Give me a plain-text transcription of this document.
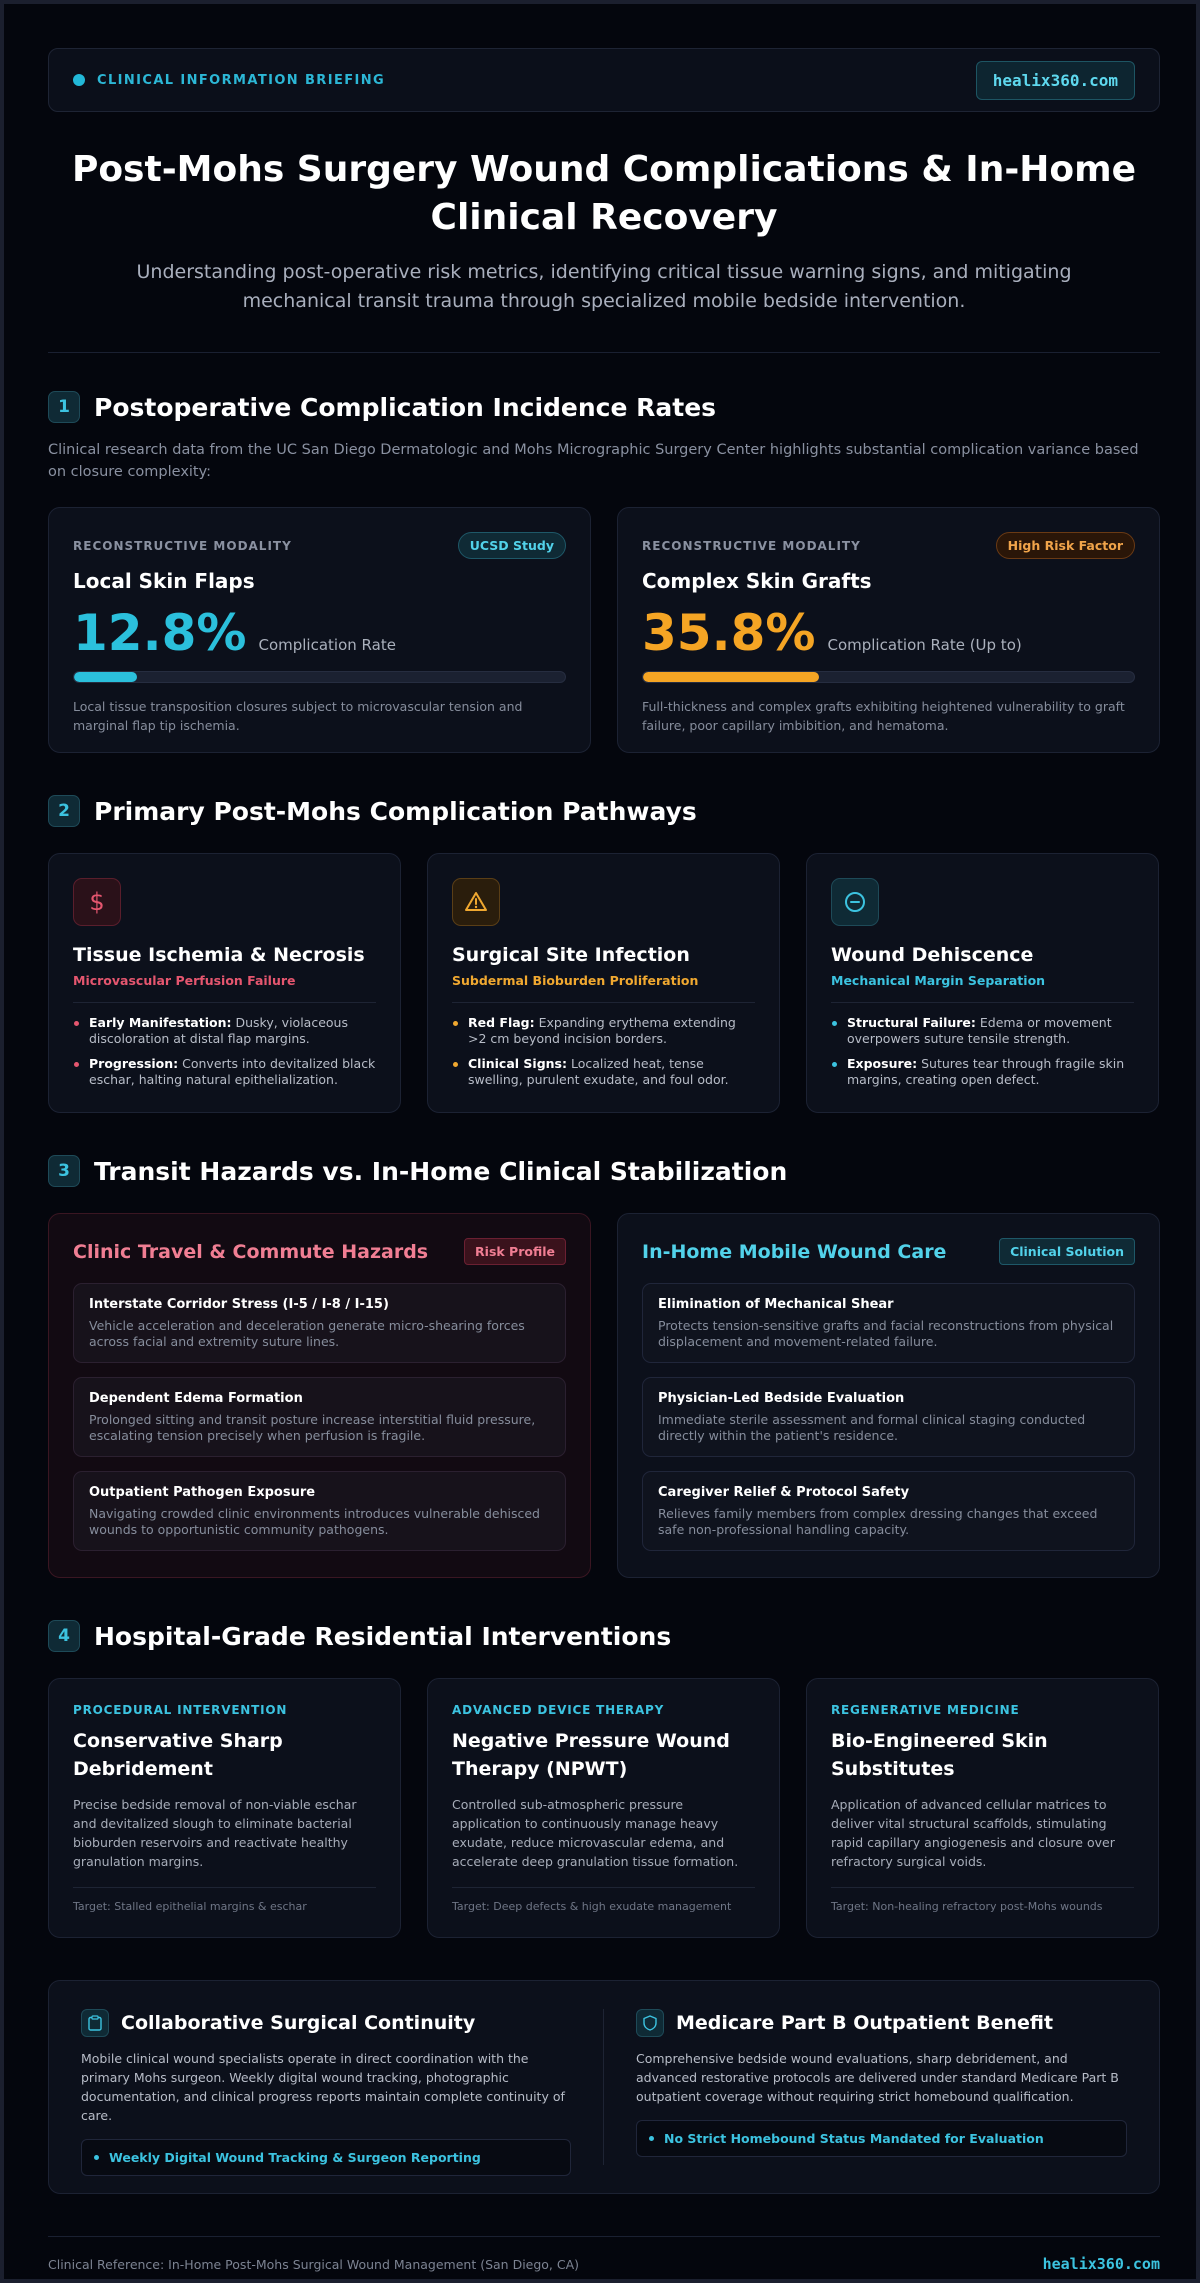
CLINICAL INFORMATION BRIEFING	healix360.com
Post-Mohs Surgery Wound Complications & In-Home Clinical Recovery

Understanding post-operative risk metrics, identifying critical tissue warning signs, and mitigating mechanical transit trauma through specialized mobile bedside intervention.

1 Postoperative Complication Incidence Rates

Clinical research data from the UC San Diego Dermatologic and Mohs Micrographic Surgery Center highlights substantial complication variance based on closure complexity:

RECONSTRUCTIVE MODALITY	UCSD Study
Local Skin Flaps
12.8% Complication Rate

Local tissue transposition closures subject to microvascular tension and marginal flap tip ischemia.

RECONSTRUCTIVE MODALITY	High Risk Factor
Complex Skin Grafts
35.8% Complication Rate (Up to)

Full-thickness and complex grafts exhibiting heightened vulnerability to graft failure, poor capillary imbibition, and hematoma.

2 Primary Post-Mohs Complication Pathways
$
Tissue Ischemia & Necrosis
Microvascular Perfusion Failure
Early Manifestation: Dusky, violaceous discoloration at distal flap margins.
Progression: Converts into devitalized black eschar, halting natural epithelialization.
Surgical Site Infection
Subdermal Bioburden Proliferation
Red Flag: Expanding erythema extending >2 cm beyond incision borders.
Clinical Signs: Localized heat, tense swelling, purulent exudate, and foul odor.
Wound Dehiscence
Mechanical Margin Separation
Structural Failure: Edema or movement overpowers suture tensile strength.
Exposure: Sutures tear through fragile skin margins, creating open defect.
3 Transit Hazards vs. In-Home Clinical Stabilization
Clinic Travel & Commute Hazards	Risk Profile
Interstate Corridor Stress (I-5 / I-8 / I-15)
Vehicle acceleration and deceleration generate micro-shearing forces across facial and extremity suture lines.
Dependent Edema Formation
Prolonged sitting and transit posture increase interstitial fluid pressure, escalating tension precisely when perfusion is fragile.
Outpatient Pathogen Exposure
Navigating crowded clinic environments introduces vulnerable dehisced wounds to opportunistic community pathogens.
In-Home Mobile Wound Care	Clinical Solution
Elimination of Mechanical Shear
Protects tension-sensitive grafts and facial reconstructions from physical displacement and movement-related failure.
Physician-Led Bedside Evaluation
Immediate sterile assessment and formal clinical staging conducted directly within the patient's residence.
Caregiver Relief & Protocol Safety
Relieves family members from complex dressing changes that exceed safe non-professional handling capacity.
4 Hospital-Grade Residential Interventions
PROCEDURAL INTERVENTION
Conservative Sharp Debridement

Precise bedside removal of non-viable eschar and devitalized slough to eliminate bacterial bioburden reservoirs and reactivate healthy granulation margins.

Target: Stalled epithelial margins & eschar
ADVANCED DEVICE THERAPY
Negative Pressure Wound Therapy (NPWT)

Controlled sub-atmospheric pressure application to continuously manage heavy exudate, reduce microvascular edema, and accelerate deep granulation tissue formation.

Target: Deep defects & high exudate management
REGENERATIVE MEDICINE
Bio-Engineered Skin Substitutes

Application of advanced cellular matrices to deliver vital structural scaffolds, stimulating rapid capillary angiogenesis and closure over refractory surgical voids.

Target: Non-healing refractory post-Mohs wounds
Collaborative Surgical Continuity

Mobile clinical wound specialists operate in direct coordination with the primary Mohs surgeon. Weekly digital wound tracking, photographic documentation, and clinical progress reports maintain complete continuity of care.

Weekly Digital Wound Tracking & Surgeon Reporting
Medicare Part B Outpatient Benefit

Comprehensive bedside wound evaluations, sharp debridement, and advanced restorative protocols are delivered under standard Medicare Part B outpatient coverage without requiring strict homebound qualification.

No Strict Homebound Status Mandated for Evaluation
Clinical Reference: In-Home Post-Mohs Surgical Wound Management (San Diego, CA)	healix360.com
